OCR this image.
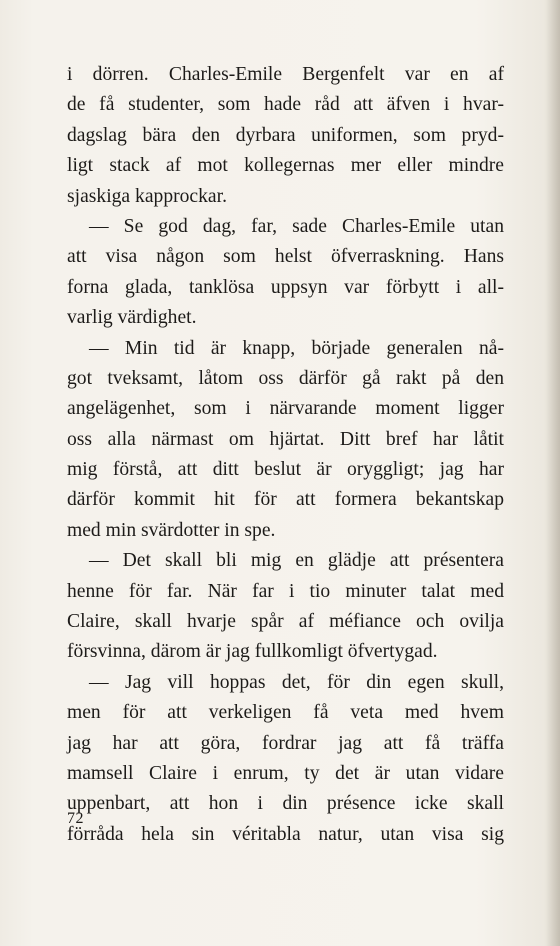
i dörren. Charles-Emile Bergenfelt var en af
de få studenter, som hade råd att äfven i hvar-
dagslag bära den dyrbara uniformen, som pryd-
ligt stack af mot kollegernas mer eller mindre
sjaskiga kapprockar.
— Se god dag, far, sade Charles-Emile utan
att visa någon som helst öfverraskning. Hans
forna glada, tanklösa uppsyn var förbytt i all-
varlig värdighet.
— Min tid är knapp, började generalen nå-
got tveksamt, låtom oss därför gå rakt på den
angelägenhet, som i närvarande moment ligger
oss alla närmast om hjärtat. Ditt bref har låtit
mig förstå, att ditt beslut är oryggligt; jag har
därför kommit hit för att formera bekantskap
med min svärdotter in spe.
— Det skall bli mig en glädje att présentera
henne för far. När far i tio minuter talat med
Claire, skall hvarje spår af méfiance och ovilja
försvinna, därom är jag fullkomligt öfvertygad.
— Jag vill hoppas det, för din egen skull,
men för att verkeligen få veta med hvem
jag har att göra, fordrar jag att få träffa
mamsell Claire i enrum, ty det är utan vidare
uppenbart, att hon i din présence icke skall
förråda hela sin véritabla natur, utan visa sig
72
